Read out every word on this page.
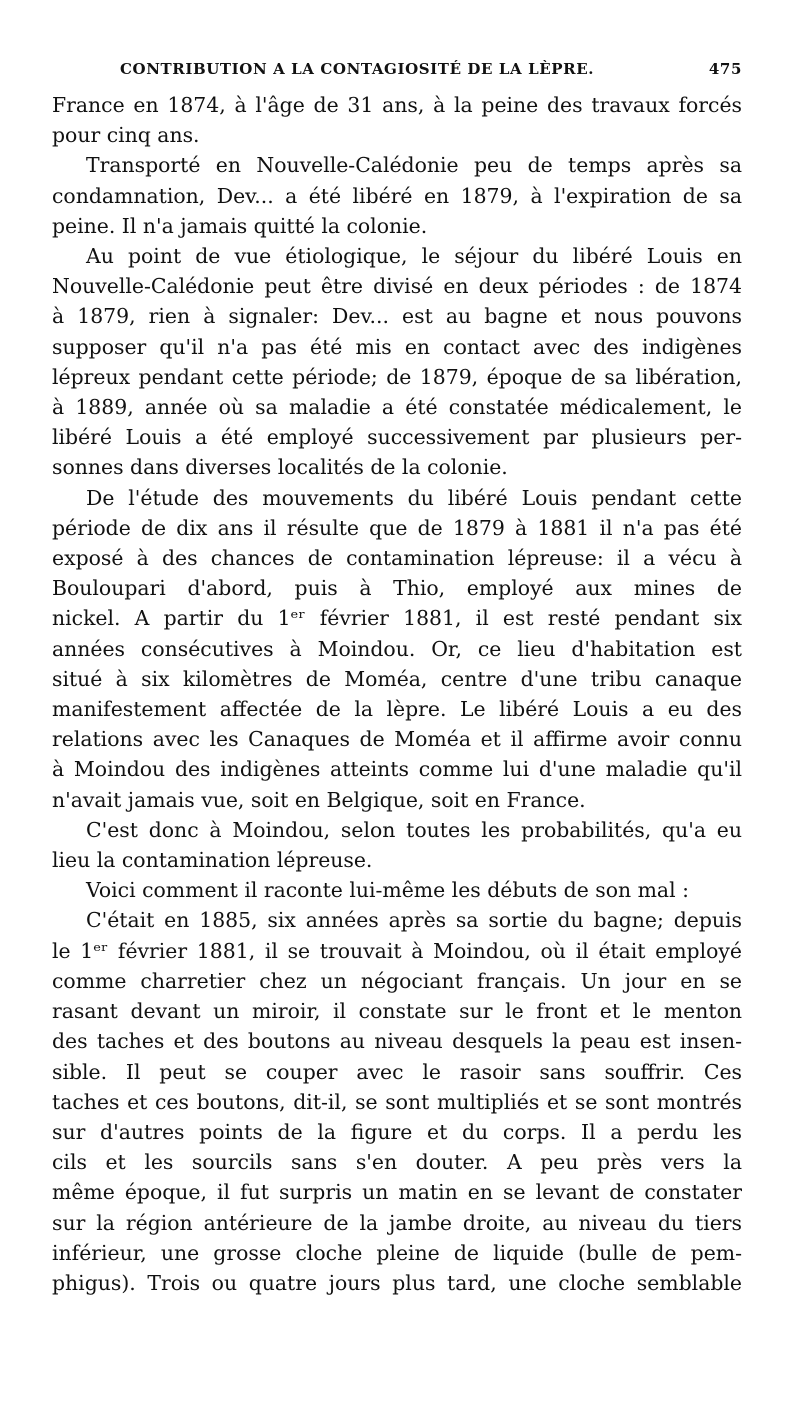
CONTRIBUTION A LA CONTAGIOSITÉ DE LA LÈPRE.	475
France en 1874, à l'âge de 31 ans, à la peine des travaux forcés
pour cinq ans.
Transporté en Nouvelle-Calédonie peu de temps après sa
condamnation, Dev... a été libéré en 1879, à l'expiration de sa
peine. Il n'a jamais quitté la colonie.
Au point de vue étiologique, le séjour du libéré Louis en
Nouvelle-Calédonie peut être divisé en deux périodes : de 1874
à 1879, rien à signaler: Dev... est au bagne et nous pouvons
supposer qu'il n'a pas été mis en contact avec des indigènes
lépreux pendant cette période; de 1879, époque de sa libération,
à 1889, année où sa maladie a été constatée médicalement, le
libéré Louis a été employé successivement par plusieurs per-
sonnes dans diverses localités de la colonie.
De l'étude des mouvements du libéré Louis pendant cette
période de dix ans il résulte que de 1879 à 1881 il n'a pas été
exposé à des chances de contamination lépreuse: il a vécu à
Bouloupari d'abord, puis à Thio, employé aux mines de
nickel. A partir du 1ᵉʳ février 1881, il est resté pendant six
années consécutives à Moindou. Or, ce lieu d'habitation est
situé à six kilomètres de Moméa, centre d'une tribu canaque
manifestement affectée de la lèpre. Le libéré Louis a eu des
relations avec les Canaques de Moméa et il affirme avoir connu
à Moindou des indigènes atteints comme lui d'une maladie qu'il
n'avait jamais vue, soit en Belgique, soit en France.
C'est donc à Moindou, selon toutes les probabilités, qu'a eu
lieu la contamination lépreuse.
Voici comment il raconte lui-même les débuts de son mal :
C'était en 1885, six années après sa sortie du bagne; depuis
le 1ᵉʳ février 1881, il se trouvait à Moindou, où il était employé
comme charretier chez un négociant français. Un jour en se
rasant devant un miroir, il constate sur le front et le menton
des taches et des boutons au niveau desquels la peau est insen-
sible. Il peut se couper avec le rasoir sans souffrir. Ces
taches et ces boutons, dit-il, se sont multipliés et se sont montrés
sur d'autres points de la figure et du corps. Il a perdu les
cils et les sourcils sans s'en douter. A peu près vers la
même époque, il fut surpris un matin en se levant de constater
sur la région antérieure de la jambe droite, au niveau du tiers
inférieur, une grosse cloche pleine de liquide (bulle de pem-
phigus). Trois ou quatre jours plus tard, une cloche semblable
